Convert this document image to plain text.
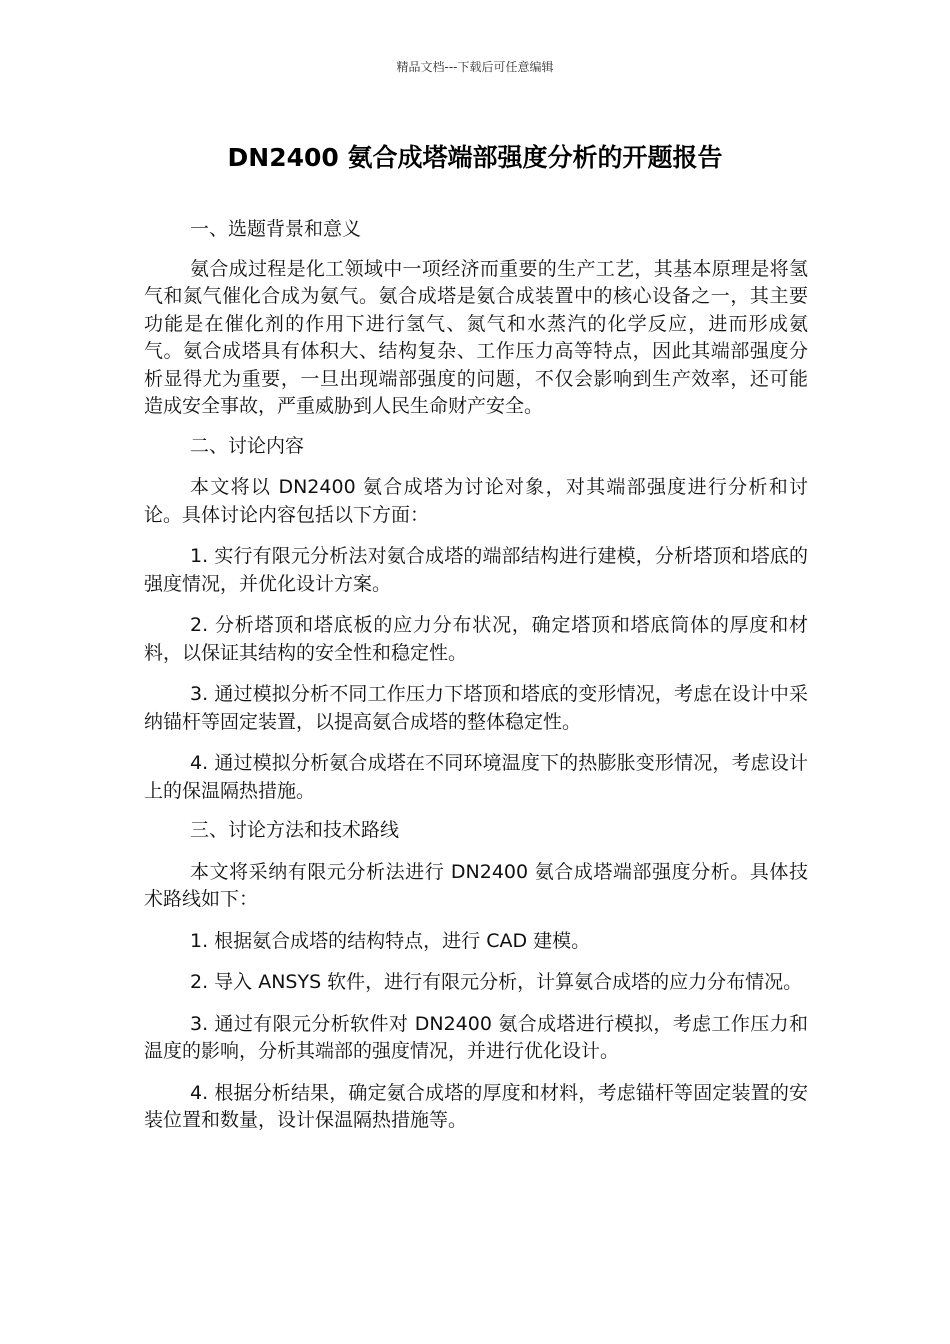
精品文档---下载后可任意编辑
DN2400 氨合成塔端部强度分析的开题报告

一、选题背景和意义

氨合成过程是化工领域中一项经济而重要的生产工艺，其基本原理是将氢气和氮气催化合成为氨气。氨合成塔是氨合成装置中的核心设备之一，其主要功能是在催化剂的作用下进行氢气、氮气和水蒸汽的化学反应，进而形成氨气。氨合成塔具有体积大、结构复杂、工作压力高等特点，因此其端部强度分析显得尤为重要，一旦出现端部强度的问题，不仅会影响到生产效率，还可能造成安全事故，严重威胁到人民生命财产安全。

二、讨论内容

本文将以 DN2400 氨合成塔为讨论对象，对其端部强度进行分析和讨论。具体讨论内容包括以下方面：

1. 实行有限元分析法对氨合成塔的端部结构进行建模，分析塔顶和塔底的强度情况，并优化设计方案。

2. 分析塔顶和塔底板的应力分布状况，确定塔顶和塔底筒体的厚度和材料，以保证其结构的安全性和稳定性。

3. 通过模拟分析不同工作压力下塔顶和塔底的变形情况，考虑在设计中采纳锚杆等固定装置，以提高氨合成塔的整体稳定性。

4. 通过模拟分析氨合成塔在不同环境温度下的热膨胀变形情况，考虑设计上的保温隔热措施。

三、讨论方法和技术路线

本文将采纳有限元分析法进行 DN2400 氨合成塔端部强度分析。具体技术路线如下：

1. 根据氨合成塔的结构特点，进行 CAD 建模。

2. 导入 ANSYS 软件，进行有限元分析，计算氨合成塔的应力分布情况。

3. 通过有限元分析软件对 DN2400 氨合成塔进行模拟，考虑工作压力和温度的影响，分析其端部的强度情况，并进行优化设计。

4. 根据分析结果，确定氨合成塔的厚度和材料，考虑锚杆等固定装置的安装位置和数量，设计保温隔热措施等。
